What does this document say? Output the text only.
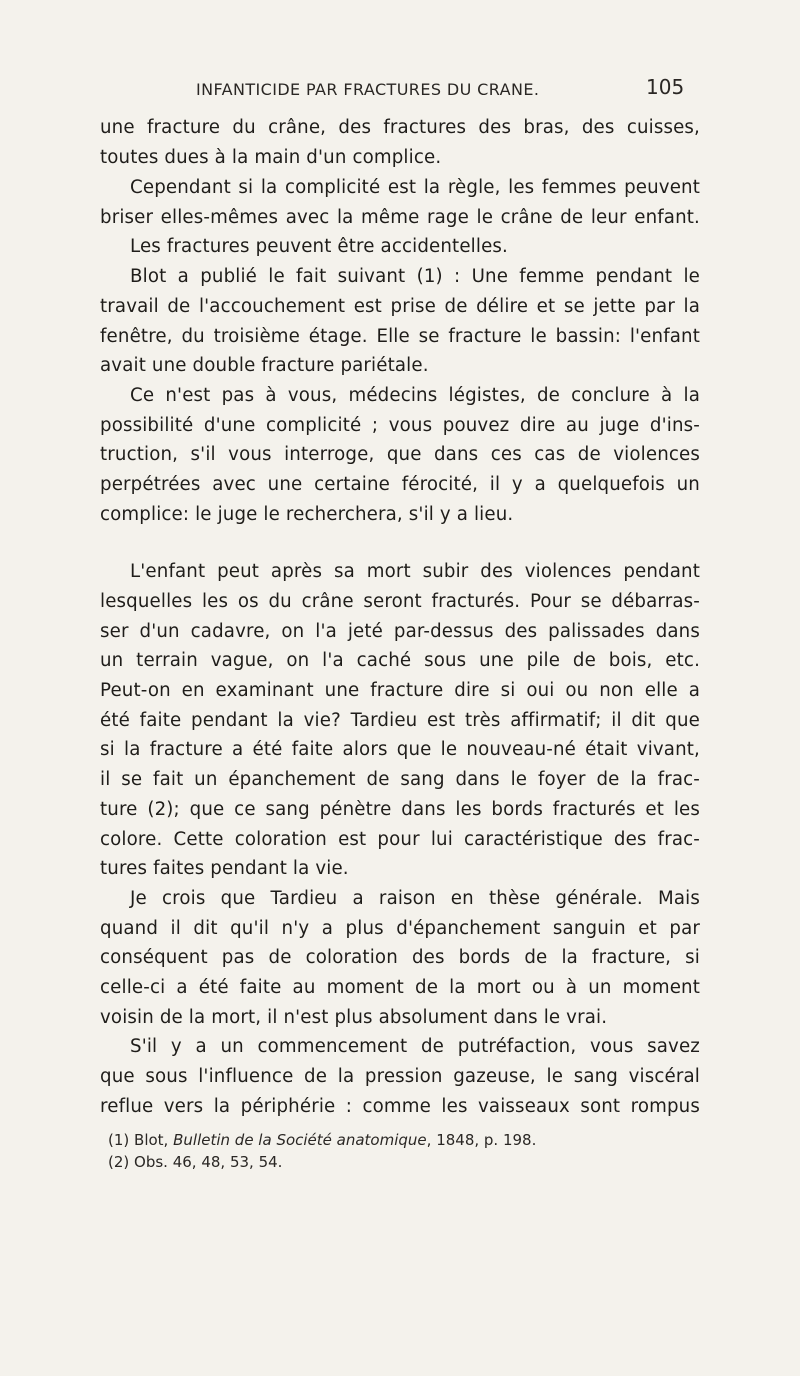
INFANTICIDE PAR FRACTURES DU CRANE.	105
une fracture du crâne, des fractures des bras, des cuisses,
toutes dues à la main d'un complice.
Cependant si la complicité est la règle, les femmes peuvent
briser elles-mêmes avec la même rage le crâne de leur enfant.
Les fractures peuvent être accidentelles.
Blot a publié le fait suivant (1) : Une femme pendant le
travail de l'accouchement est prise de délire et se jette par la
fenêtre, du troisième étage. Elle se fracture le bassin: l'enfant
avait une double fracture pariétale.
Ce n'est pas à vous, médecins légistes, de conclure à la
possibilité d'une complicité ; vous pouvez dire au juge d'ins-
truction, s'il vous interroge, que dans ces cas de violences
perpétrées avec une certaine férocité, il y a quelquefois un
complice: le juge le recherchera, s'il y a lieu.
L'enfant peut après sa mort subir des violences pendant
lesquelles les os du crâne seront fracturés. Pour se débarras-
ser d'un cadavre, on l'a jeté par-dessus des palissades dans
un terrain vague, on l'a caché sous une pile de bois, etc.
Peut-on en examinant une fracture dire si oui ou non elle a
été faite pendant la vie? Tardieu est très affirmatif; il dit que
si la fracture a été faite alors que le nouveau-né était vivant,
il se fait un épanchement de sang dans le foyer de la frac-
ture (2); que ce sang pénètre dans les bords fracturés et les
colore. Cette coloration est pour lui caractéristique des frac-
tures faites pendant la vie.
Je crois que Tardieu a raison en thèse générale. Mais
quand il dit qu'il n'y a plus d'épanchement sanguin et par
conséquent pas de coloration des bords de la fracture, si
celle-ci a été faite au moment de la mort ou à un moment
voisin de la mort, il n'est plus absolument dans le vrai.
S'il y a un commencement de putréfaction, vous savez
que sous l'influence de la pression gazeuse, le sang viscéral
reflue vers la périphérie : comme les vaisseaux sont rompus
(1) Blot, Bulletin de la Société anatomique, 1848, p. 198.
(2) Obs. 46, 48, 53, 54.
